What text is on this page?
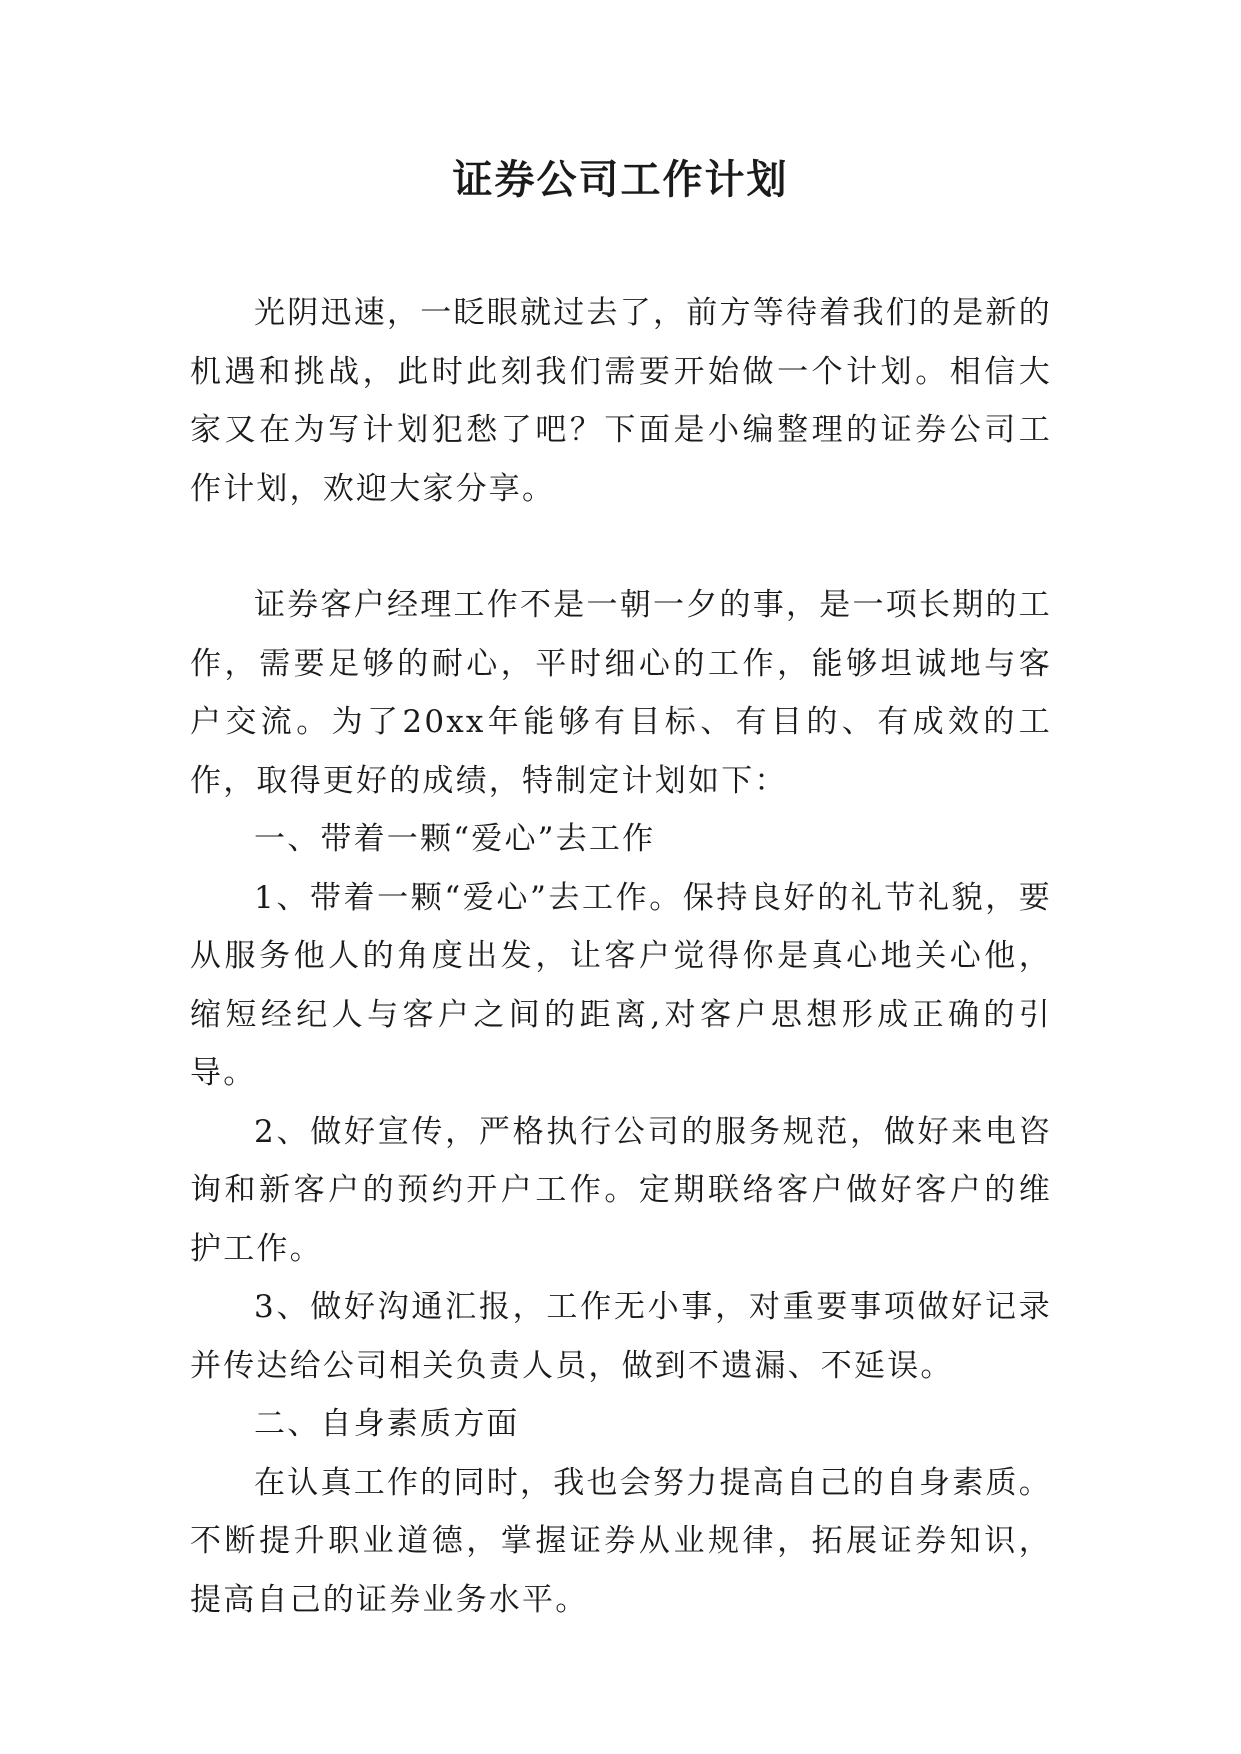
证券公司工作计划

光阴迅速，一眨眼就过去了，前方等待着我们的是新的机遇和挑战，此时此刻我们需要开始做一个计划。相信大家又在为写计划犯愁了吧？下面是小编整理的证券公司工作计划，欢迎大家分享。

证券客户经理工作不是一朝一夕的事，是一项长期的工作，需要足够的耐心，平时细心的工作，能够坦诚地与客户交流。为了20xx年能够有目标、有目的、有成效的工作，取得更好的成绩，特制定计划如下：

一、带着一颗“爱心”去工作

1、带着一颗“爱心”去工作。保持良好的礼节礼貌，要从服务他人的角度出发，让客户觉得你是真心地关心他，缩短经纪人与客户之间的距离,对客户思想形成正确的引导。

2、做好宣传，严格执行公司的服务规范，做好来电咨询和新客户的预约开户工作。定期联络客户做好客户的维护工作。

3、做好沟通汇报，工作无小事，对重要事项做好记录并传达给公司相关负责人员，做到不遗漏、不延误。

二、自身素质方面

在认真工作的同时，我也会努力提高自己的自身素质。不断提升职业道德，掌握证券从业规律，拓展证券知识，提高自己的证券业务水平。
